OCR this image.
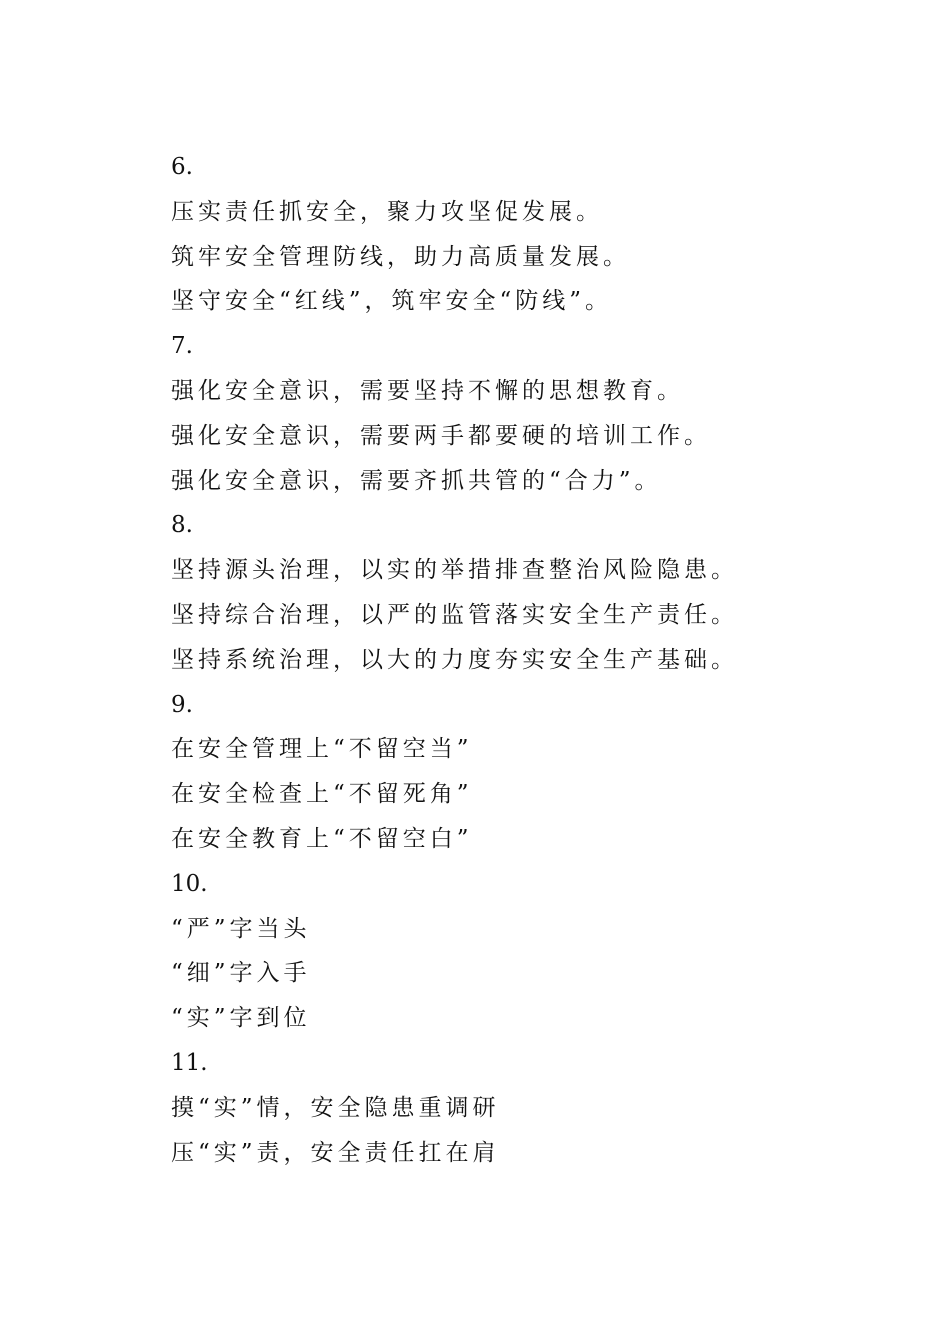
6.
压实责任抓安全，聚力攻坚促发展。
筑牢安全管理防线，助力高质量发展。
坚守安全“红线”，筑牢安全“防线”。
7.
强化安全意识，需要坚持不懈的思想教育。
强化安全意识，需要两手都要硬的培训工作。
强化安全意识，需要齐抓共管的“合力”。
8.
坚持源头治理，以实的举措排查整治风险隐患。
坚持综合治理，以严的监管落实安全生产责任。
坚持系统治理，以大的力度夯实安全生产基础。
9.
在安全管理上“不留空当”
在安全检查上“不留死角”
在安全教育上“不留空白”
10.
“严”字当头
“细”字入手
“实”字到位
11.
摸“实”情，安全隐患重调研
压“实”责，安全责任扛在肩
